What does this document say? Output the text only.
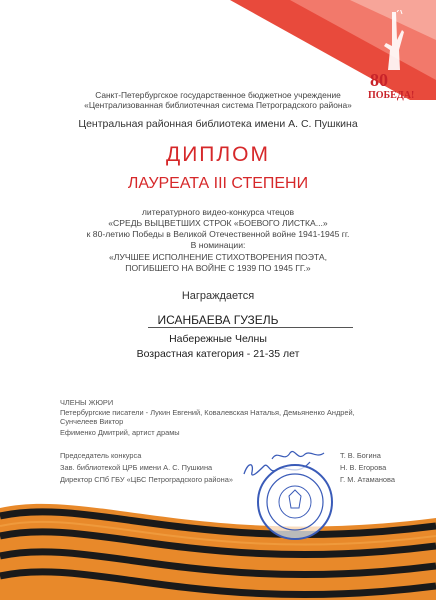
80
ПОБЕДА!
Санкт-Петербургское государственное бюджетное учреждение
«Централизованная библиотечная система Петроградского района»
Центральная районная библиотека имени А. С. Пушкина
ДИПЛОМ
ЛАУРЕАТА III СТЕПЕНИ
литературного видео-конкурса чтецов
«СРЕДЬ ВЫЦВЕТШИХ СТРОК «БОЕВОГО ЛИСТКА...»
к 80-летию Победы в Великой Отечественной войне 1941-1945 гг.
В номинации:
«ЛУЧШЕЕ ИСПОЛНЕНИЕ СТИХОТВОРЕНИЯ ПОЭТА,
ПОГИБШЕГО НА ВОЙНЕ С 1939 ПО 1945 ГГ.»
Награждается
ИСАНБАЕВА ГУЗЕЛЬ
Набережные Челны
Возрастная категория - 21-35 лет
ЧЛЕНЫ ЖЮРИ
Петербургские писатели - Лукин Евгений, Ковалевская Наталья, Демьяненко Андрей,
Сунчелеев Виктор
Ефименко Дмитрий, артист драмы
Председатель конкурса
Зав. библиотекой ЦРБ имени А. С. Пушкина
Директор СПб ГБУ «ЦБС Петроградского района»
Т. В. Богина
Н. В. Егорова
Г. М. Атаманова
